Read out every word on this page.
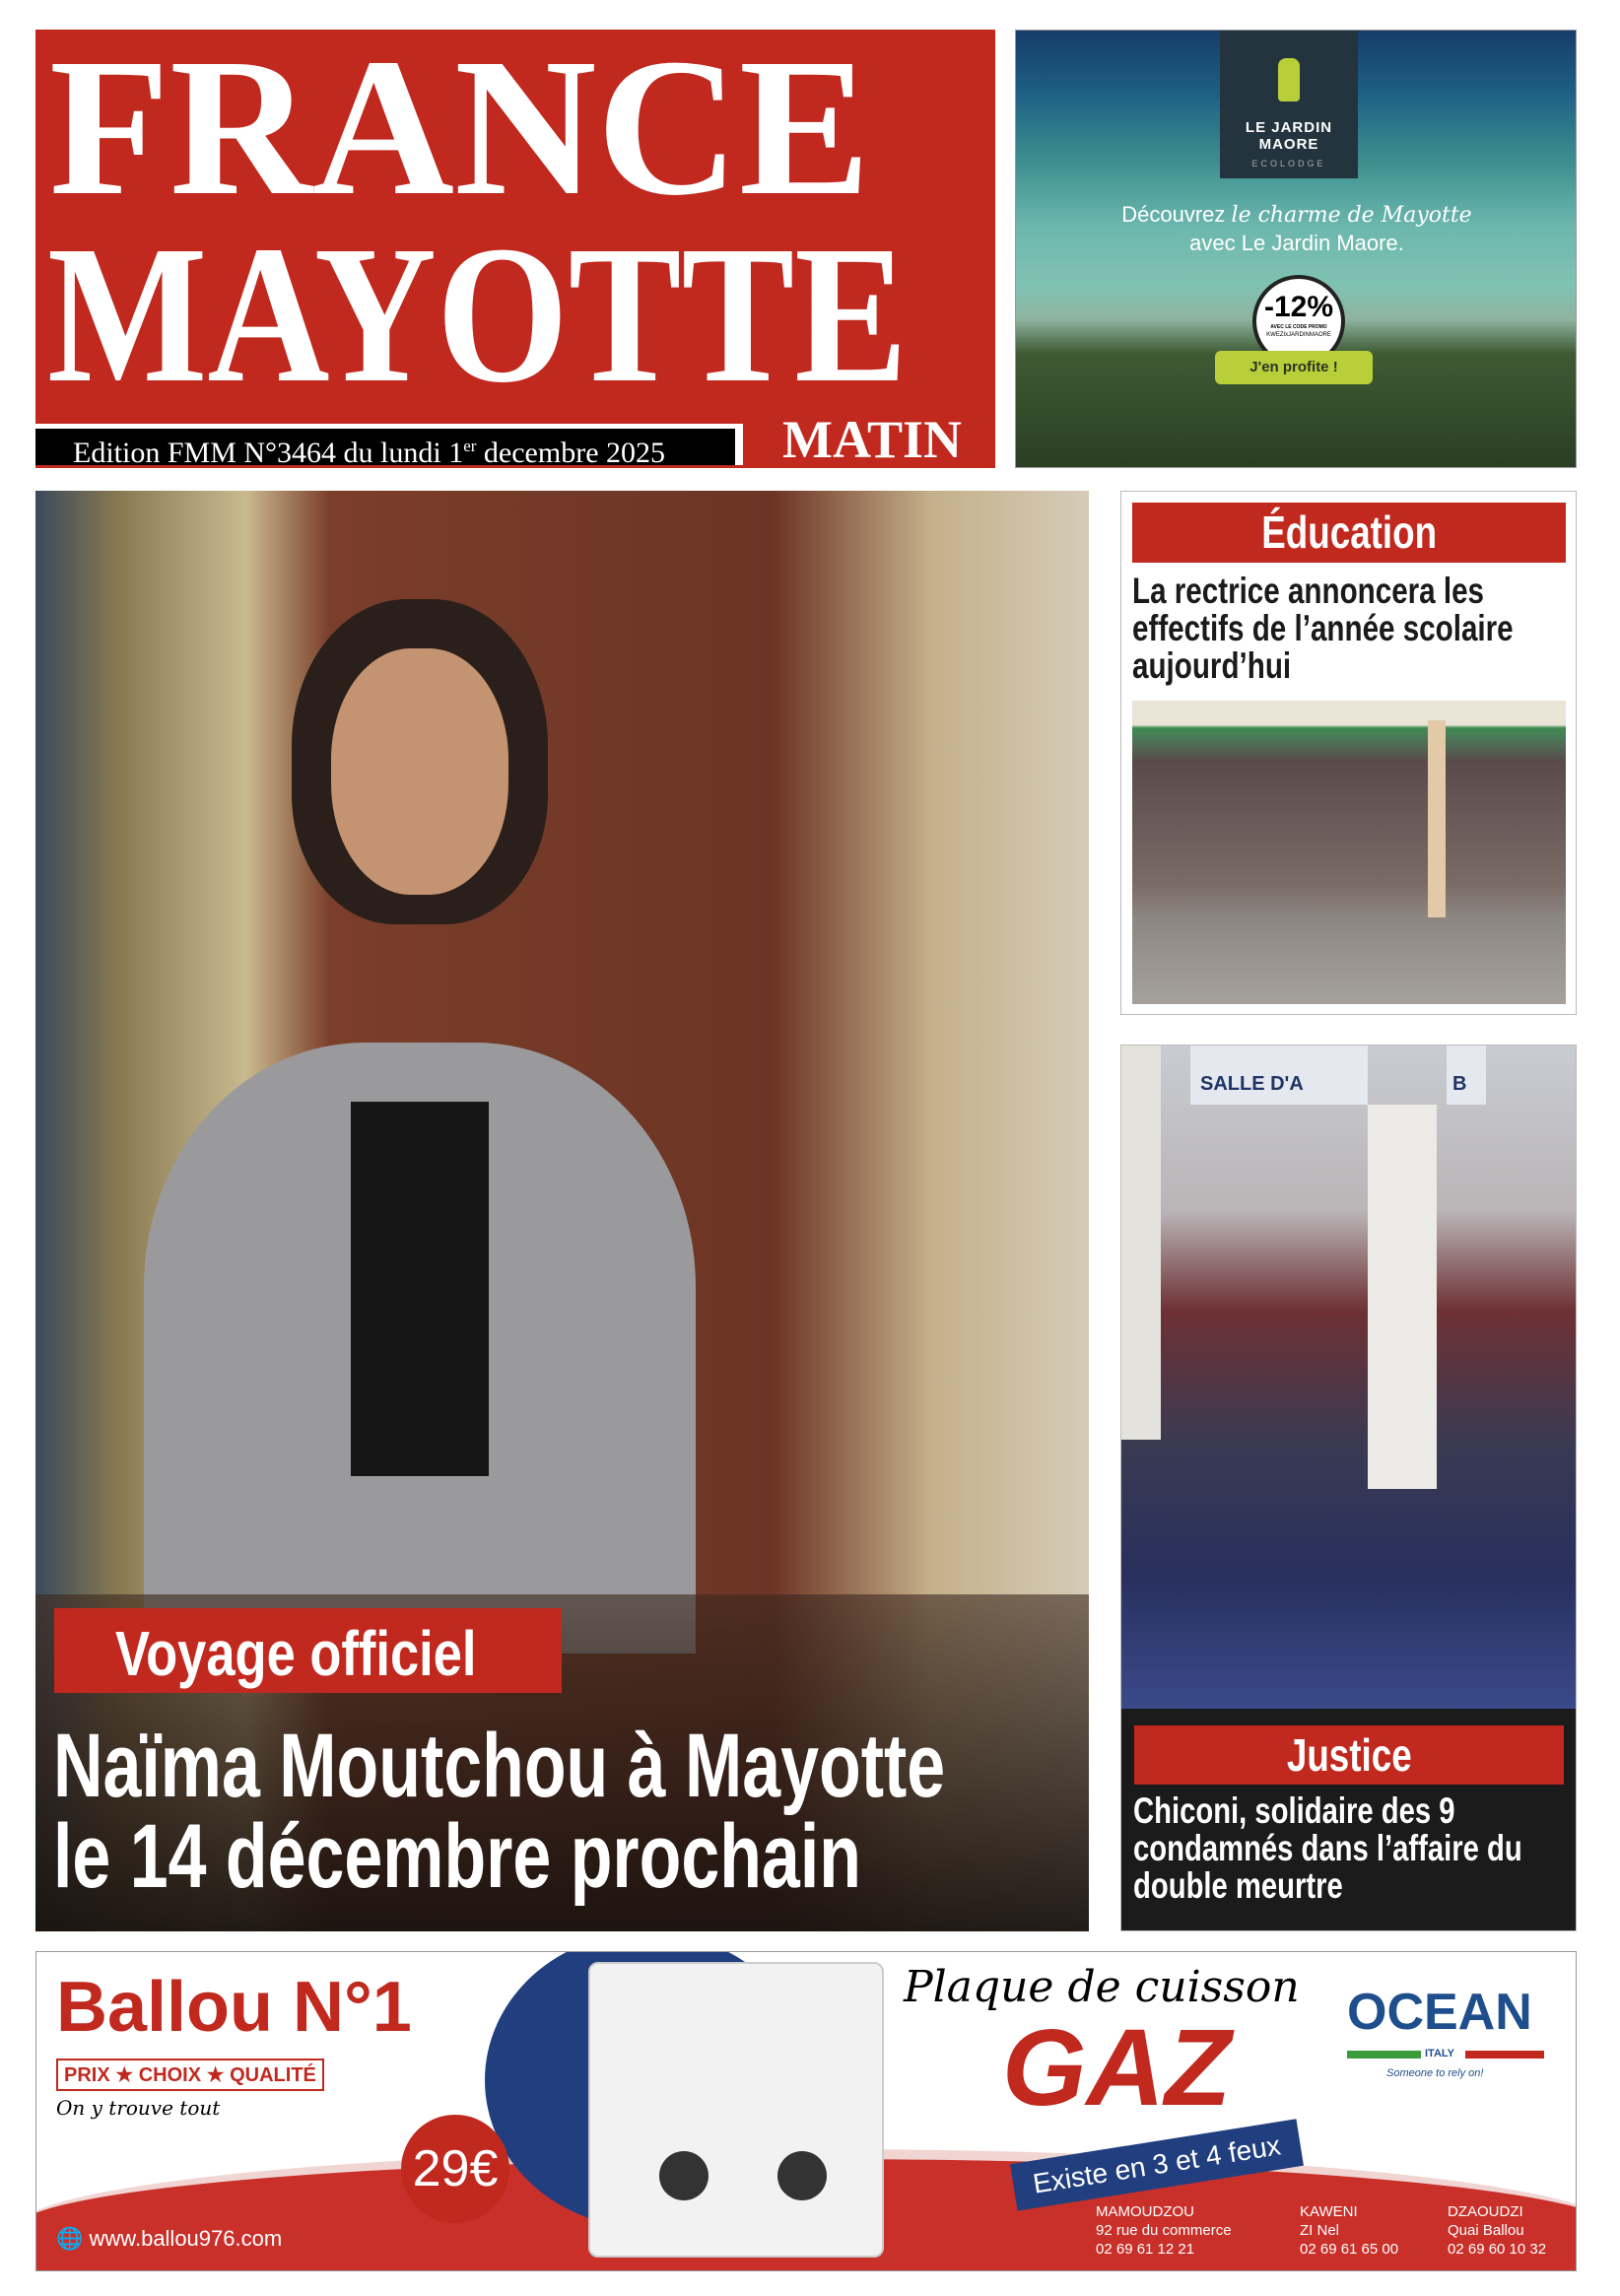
FRANCE
MAYOTTE
Edition FMM N°3464 du lundi 1er decembre 2025	MATIN
LE JARDIN MAORE
ECOLODGE
Découvrez le charme de Mayotte
avec Le Jardin Maore.
-12%
AVEC LE CODE PROMO
KWEZIxJARDINMAORE
J'en profite !
Voyage officiel
Naïma Moutchou à Mayotte
le 14 décembre prochain
Éducation
La rectrice annoncera les effectifs de l’année scolaire aujourd’hui
SALLE D'A	B
Justice
Chiconi, solidaire des 9 condamnés dans l’affaire du double meurtre
Ballou N°1
PRIX ★ CHOIX ★ QUALITÉ
On y trouve tout
29€
Plaque de cuisson
GAZ
Existe en 3 et 4 feux
OCEAN
ITALY
Someone to rely on!
🌐 www.ballou976.com
MAMOUDZOU
92 rue du commerce
02 69 61 12 21
KAWENI
ZI Nel
02 69 61 65 00
DZAOUDZI
Quai Ballou
02 69 60 10 32
